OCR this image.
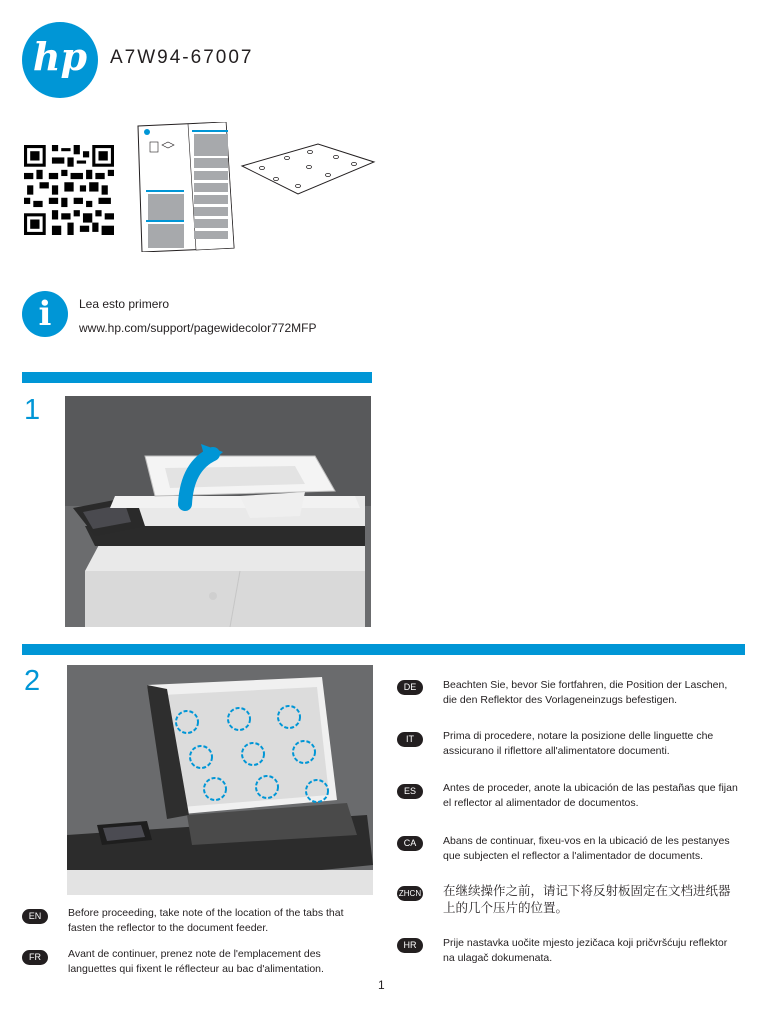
hp	A7W94-67007
i	Lea esto primero
www.hp.com/support/pagewidecolor772MFP
1
2	DE	Beachten Sie, bevor Sie fortfahren, die Position der Laschen, die den Reflektor des Vorlageneinzugs befestigen.
IT	Prima di procedere, notare la posizione delle linguette che assicurano il riflettore all'alimentatore documenti.
ES	Antes de proceder, anote la ubicación de las pestañas que fijan el reflector al alimentador de documentos.
CA	Abans de continuar, fixeu-vos en la ubicació de les pestanyes que subjecten el reflector a l'alimentador de documents.
ZHCN 在继续操作之前，请记下将反射板固定在文档进纸器上的几个压片的位置。
HR	Prije nastavka uočite mjesto jezičaca koji pričvršćuju reflektor na ulagač dokumenata.
EN	Before proceeding, take note of the location of the tabs that fasten the reflector to the document feeder.
FR	Avant de continuer, prenez note de l'emplacement des languettes qui fixent le réflecteur au bac d'alimentation.
1
